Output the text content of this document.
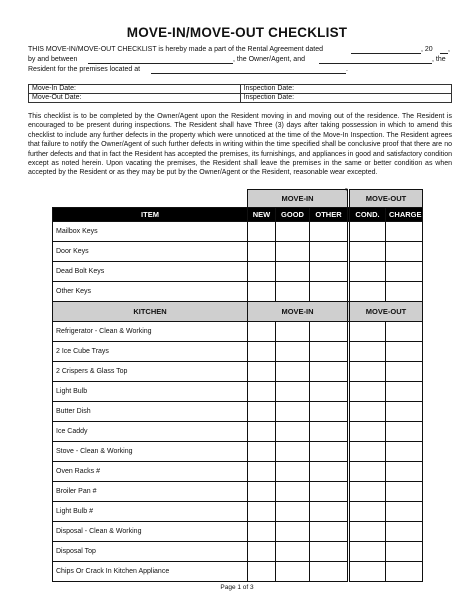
MOVE-IN/MOVE-OUT CHECKLIST
THIS MOVE-IN/MOVE-OUT CHECKLIST is hereby made a part of the Rental Agreement dated	, 20 ,
by and between	, the Owner/Agent, and	, the
Resident for the premises located at	.
Move-In Date:	Inspection Date:
Move-Out Date:	Inspection Date:
This checklist is to be completed by the Owner/Agent upon the Resident moving in and moving out of the residence. The Resident is encouraged to be present during inspections. The Resident shall have Three (3) days after taking possession in which to amend this checklist to include any further defects in the property which were unnoticed at the time of the Move-In Inspection. The Resident agrees that failure to notify the Owner/Agent of such further defects in writing within the time specified shall be conclusive proof that there are no further defects and that in fact the Resident has accepted the premises, its furnishings, and appliances in good and satisfactory condition except as noted herein. Upon vacating the premises, the Resident shall leave the premises in the same or better condition as when accepted by the Resident or as they may be put by the Owner/Agent or the Resident, reasonable wear excepted.
	MOVE-IN				MOVE-OUT	
ITEM	NEW	GOOD	OTHER		COND.	CHARGE
Mailbox Keys						
Door Keys						
Dead Bolt Keys						
Other Keys						
KITCHEN	MOVE-IN				MOVE-OUT	
Refrigerator - Clean & Working						
2 Ice Cube Trays						
2 Crispers & Glass Top						
Light Bulb						
Butter Dish						
Ice Caddy						
Stove - Clean & Working						
Oven Racks #						
Broiler Pan #						
Light Bulb #						
Disposal - Clean & Working						
Disposal Top						
Chips Or Crack In Kitchen Appliance						
▾
Page 1 of 3
